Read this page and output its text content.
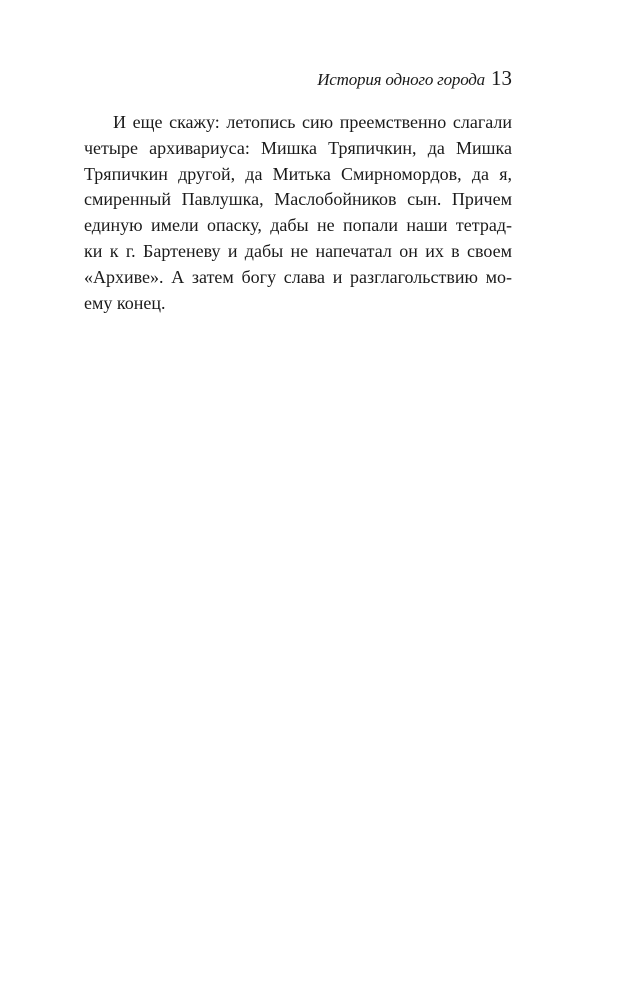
История одного города 13
И еще скажу: летопись сию преемственно слагали
четыре архивариуса: Мишка Тряпичкин, да Мишка
Тряпичкин другой, да Митька Смирномордов, да я,
смиренный Павлушка, Маслобойников сын. Причем
единую имели опаску, дабы не попали наши тетрад-
ки к г. Бартеневу и дабы не напечатал он их в своем
«Архиве». А затем богу слава и разглагольствию мо-
ему конец.
